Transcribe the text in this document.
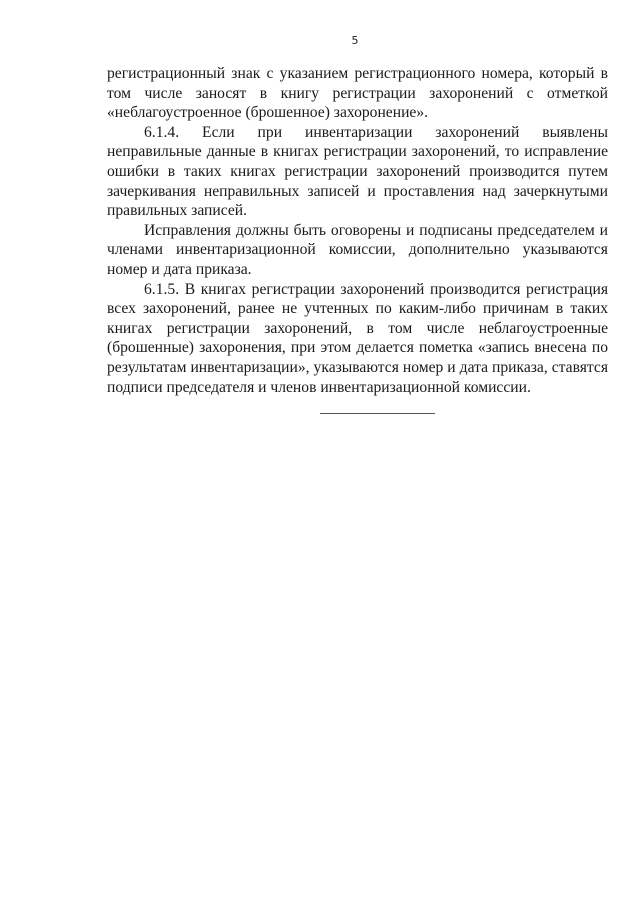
5

регистрационный знак с указанием регистрационного номера, который в том числе заносят в книгу регистрации захоронений с отметкой «неблагоустроенное (брошенное) захоронение».

6.1.4. Если при инвентаризации захоронений выявлены неправильные данные в книгах регистрации захоронений, то исправление ошибки в таких книгах регистрации захоронений производится путем зачеркивания неправильных записей и проставления над зачеркнутыми правильных записей.

Исправления должны быть оговорены и подписаны председателем и членами инвентаризационной комиссии, дополнительно указываются номер и дата приказа.

6.1.5. В книгах регистрации захоронений производится регистрация всех захоронений, ранее не учтенных по каким-либо причинам в таких книгах регистрации захоронений, в том числе неблагоустроенные (брошенные) захоронения, при этом делается пометка «запись внесена по результатам инвентаризации», указываются номер и дата приказа, ставятся подписи председателя и членов инвентаризационной комиссии.
